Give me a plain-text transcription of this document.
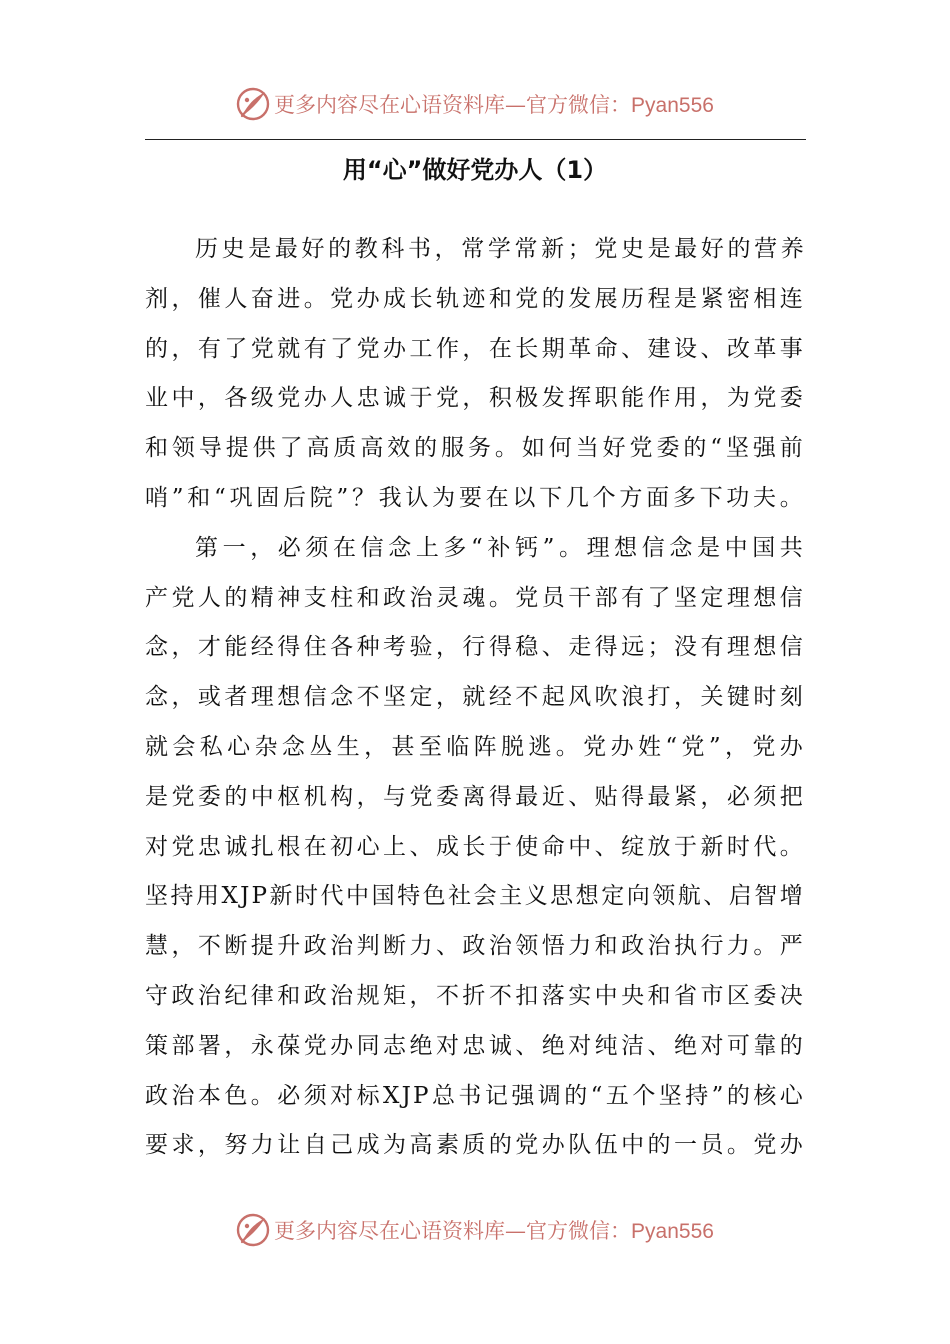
更多内容尽在心语资料库—官方微信：Pyan556
用“心”做好党办人（1）
历史是最好的教科书，常学常新；党史是最好的营养
剂，催人奋进。党办成长轨迹和党的发展历程是紧密相连
的，有了党就有了党办工作，在长期革命、建设、改革事
业中，各级党办人忠诚于党，积极发挥职能作用，为党委
和领导提供了高质高效的服务。如何当好党委的“坚强前
哨”和“巩固后院”？我认为要在以下几个方面多下功夫。
第一，必须在信念上多“补钙”。理想信念是中国共
产党人的精神支柱和政治灵魂。党员干部有了坚定理想信
念，才能经得住各种考验，行得稳、走得远；没有理想信
念，或者理想信念不坚定，就经不起风吹浪打，关键时刻
就会私心杂念丛生，甚至临阵脱逃。党办姓“党”，党办
是党委的中枢机构，与党委离得最近、贴得最紧，必须把
对党忠诚扎根在初心上、成长于使命中、绽放于新时代。
坚持用XJP新时代中国特色社会主义思想定向领航、启智增
慧，不断提升政治判断力、政治领悟力和政治执行力。严
守政治纪律和政治规矩，不折不扣落实中央和省市区委决
策部署，永葆党办同志绝对忠诚、绝对纯洁、绝对可靠的
政治本色。必须对标XJP总书记强调的“五个坚持”的核心
要求，努力让自己成为高素质的党办队伍中的一员。党办
更多内容尽在心语资料库—官方微信：Pyan556
